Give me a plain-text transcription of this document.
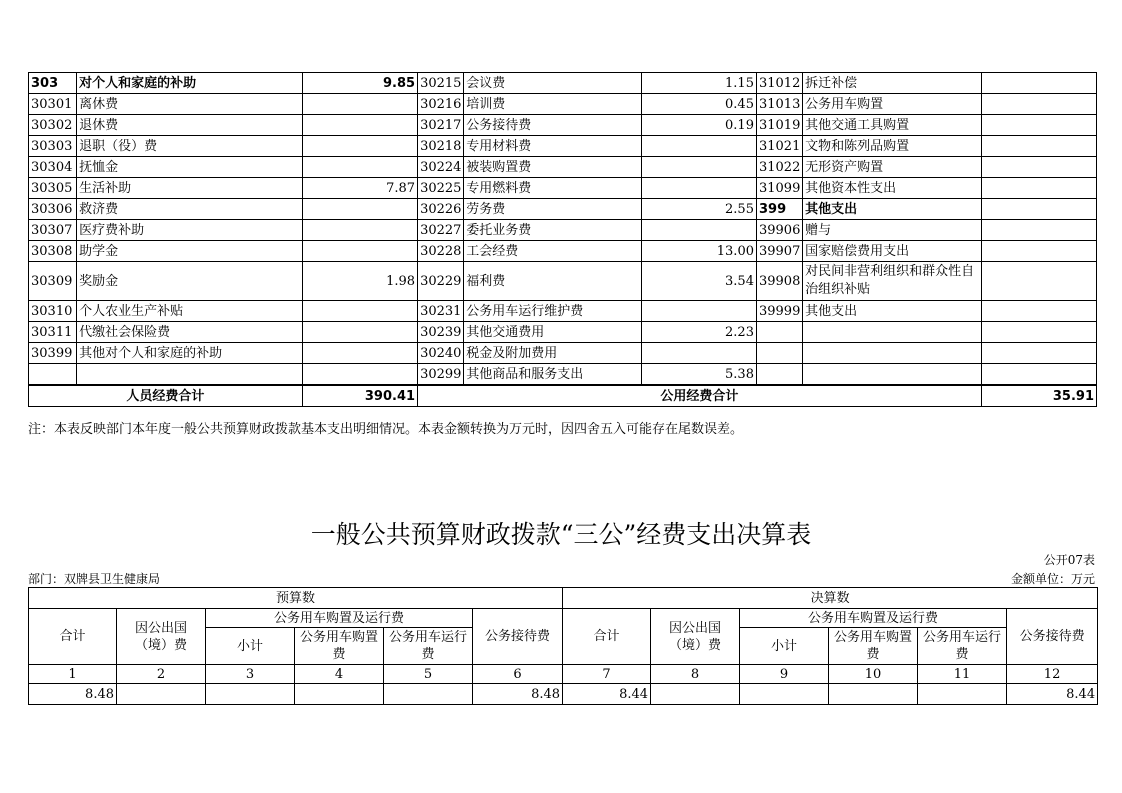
303	对个人和家庭的补助	9.85	30215	会议费	1.15	31012	拆迁补偿	
30301	离休费		30216	培训费	0.45	31013	公务用车购置	
30302	退休费		30217	公务接待费	0.19	31019	其他交通工具购置	
30303	退职（役）费		30218	专用材料费		31021	文物和陈列品购置	
30304	抚恤金		30224	被装购置费		31022	无形资产购置	
30305	生活补助	7.87	30225	专用燃料费		31099	其他资本性支出	
30306	救济费		30226	劳务费	2.55	399	其他支出	
30307	医疗费补助		30227	委托业务费		39906	赠与	
30308	助学金		30228	工会经费	13.00	39907	国家赔偿费用支出	
30309	奖励金	1.98	30229	福利费	3.54	39908	对民间非营利组织和群众性自治组织补贴	
30310	个人农业生产补贴		30231	公务用车运行维护费		39999	其他支出	
30311	代缴社会保险费		30239	其他交通费用	2.23			
30399	其他对个人和家庭的补助		30240	税金及附加费用				
			30299	其他商品和服务支出	5.38			
人员经费合计		390.41	公用经费合计					35.91
注：本表反映部门本年度一般公共预算财政拨款基本支出明细情况。本表金额转换为万元时，因四舍五入可能存在尾数误差。
一般公共预算财政拨款“三公”经费支出决算表
公开07表
部门：双牌县卫生健康局	金额单位：万元
预算数						决算数					
合计	因公出国（境）费	公务用车购置及运行费			公务接待费	合计	因公出国（境）费	公务用车购置及运行费			公务接待费
		小计	公务用车购置费	公务用车运行费				小计	公务用车购置费	公务用车运行费	
1	2	3	4	5	6	7	8	9	10	11	12
8.48					8.48	8.44					8.44
